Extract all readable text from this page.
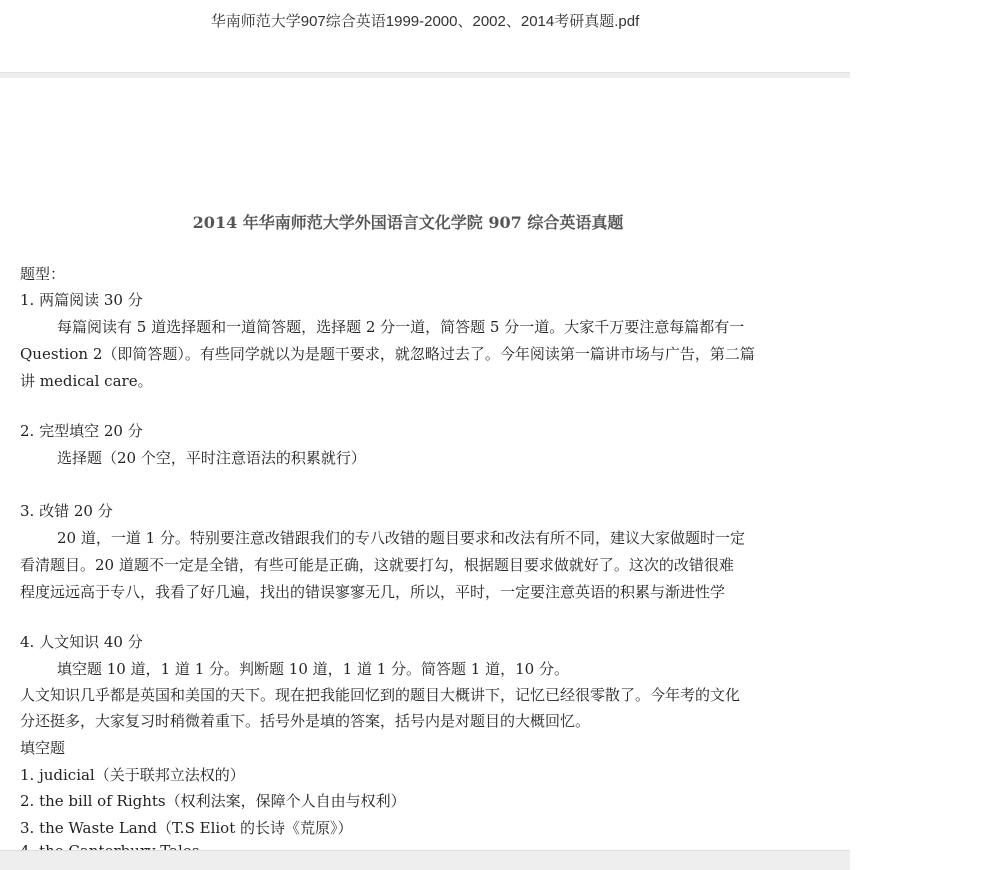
华南师范大学907综合英语1999-2000、2002、2014考研真题.pdf
2014 年华南师范大学外国语言文化学院 907 综合英语真题
题型：
1. 两篇阅读 30 分
每篇阅读有 5 道选择题和一道简答题，选择题 2 分一道，简答题 5 分一道。大家千万要注意每篇都有一
Question 2（即简答题）。有些同学就以为是题干要求，就忽略过去了。今年阅读第一篇讲市场与广告，第二篇
讲 medical care。
2. 完型填空 20 分
选择题（20 个空，平时注意语法的积累就行）
3. 改错 20 分
20 道，一道 1 分。特别要注意改错跟我们的专八改错的题目要求和改法有所不同，建议大家做题时一定
看清题目。20 道题不一定是全错，有些可能是正确，这就要打勾，根据题目要求做就好了。这次的改错很难
程度远远高于专八，我看了好几遍，找出的错误寥寥无几，所以，平时，一定要注意英语的积累与渐进性学
4. 人文知识 40 分
填空题 10 道，1 道 1 分。判断题 10 道，1 道 1 分。简答题 1 道，10 分。
人文知识几乎都是英国和美国的天下。现在把我能回忆到的题目大概讲下，记忆已经很零散了。今年考的文化
分还挺多，大家复习时稍微着重下。括号外是填的答案，括号内是对题目的大概回忆。
填空题
1. judicial（关于联邦立法权的）
2. the bill of Rights（权利法案，保障个人自由与权利）
3. the Waste Land（T.S Eliot 的长诗《荒原》）
